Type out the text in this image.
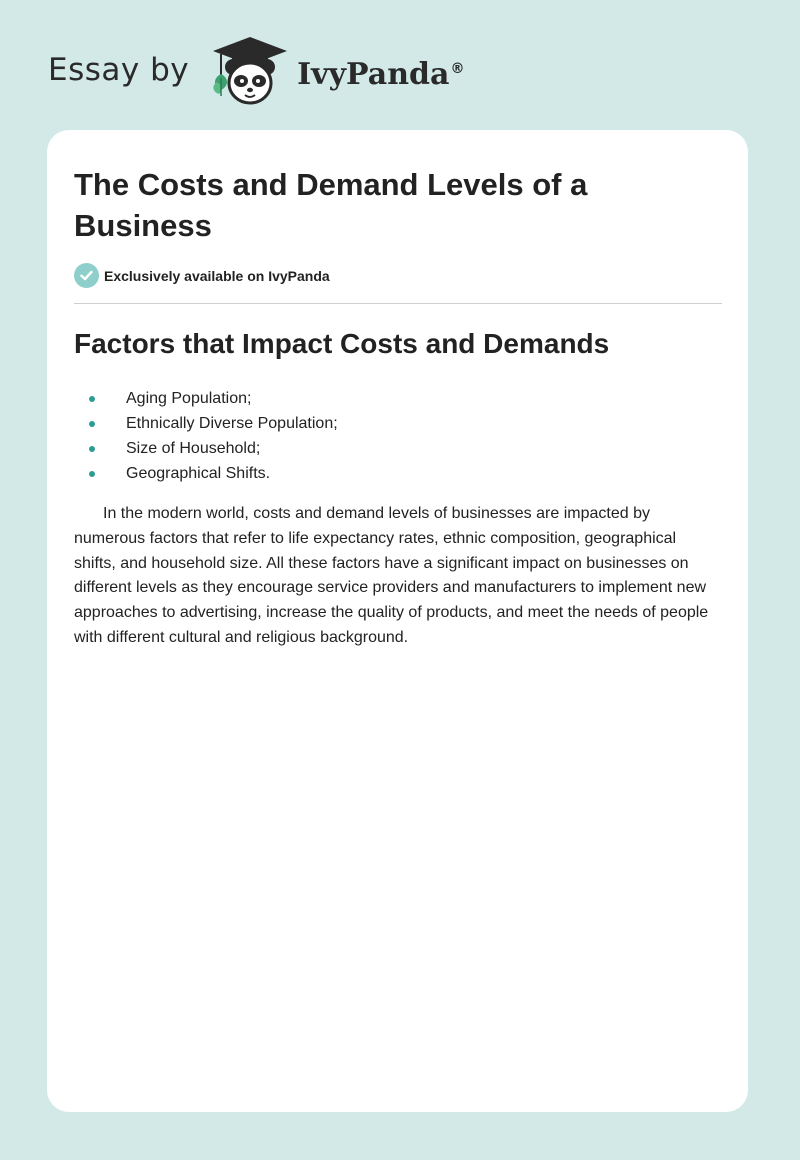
Essay by	IvyPanda®
The Costs and Demand Levels of a Business
Exclusively available on IvyPanda
Factors that Impact Costs and Demands
Aging Population;
Ethnically Diverse Population;
Size of Household;
Geographical Shifts.

In the modern world, costs and demand levels of businesses are impacted by numerous factors that refer to life expectancy rates, ethnic composition, geographical shifts, and household size. All these factors have a significant impact on businesses on different levels as they encourage service providers and manufacturers to implement new approaches to advertising, increase the quality of products, and meet the needs of people with different cultural and religious background.
